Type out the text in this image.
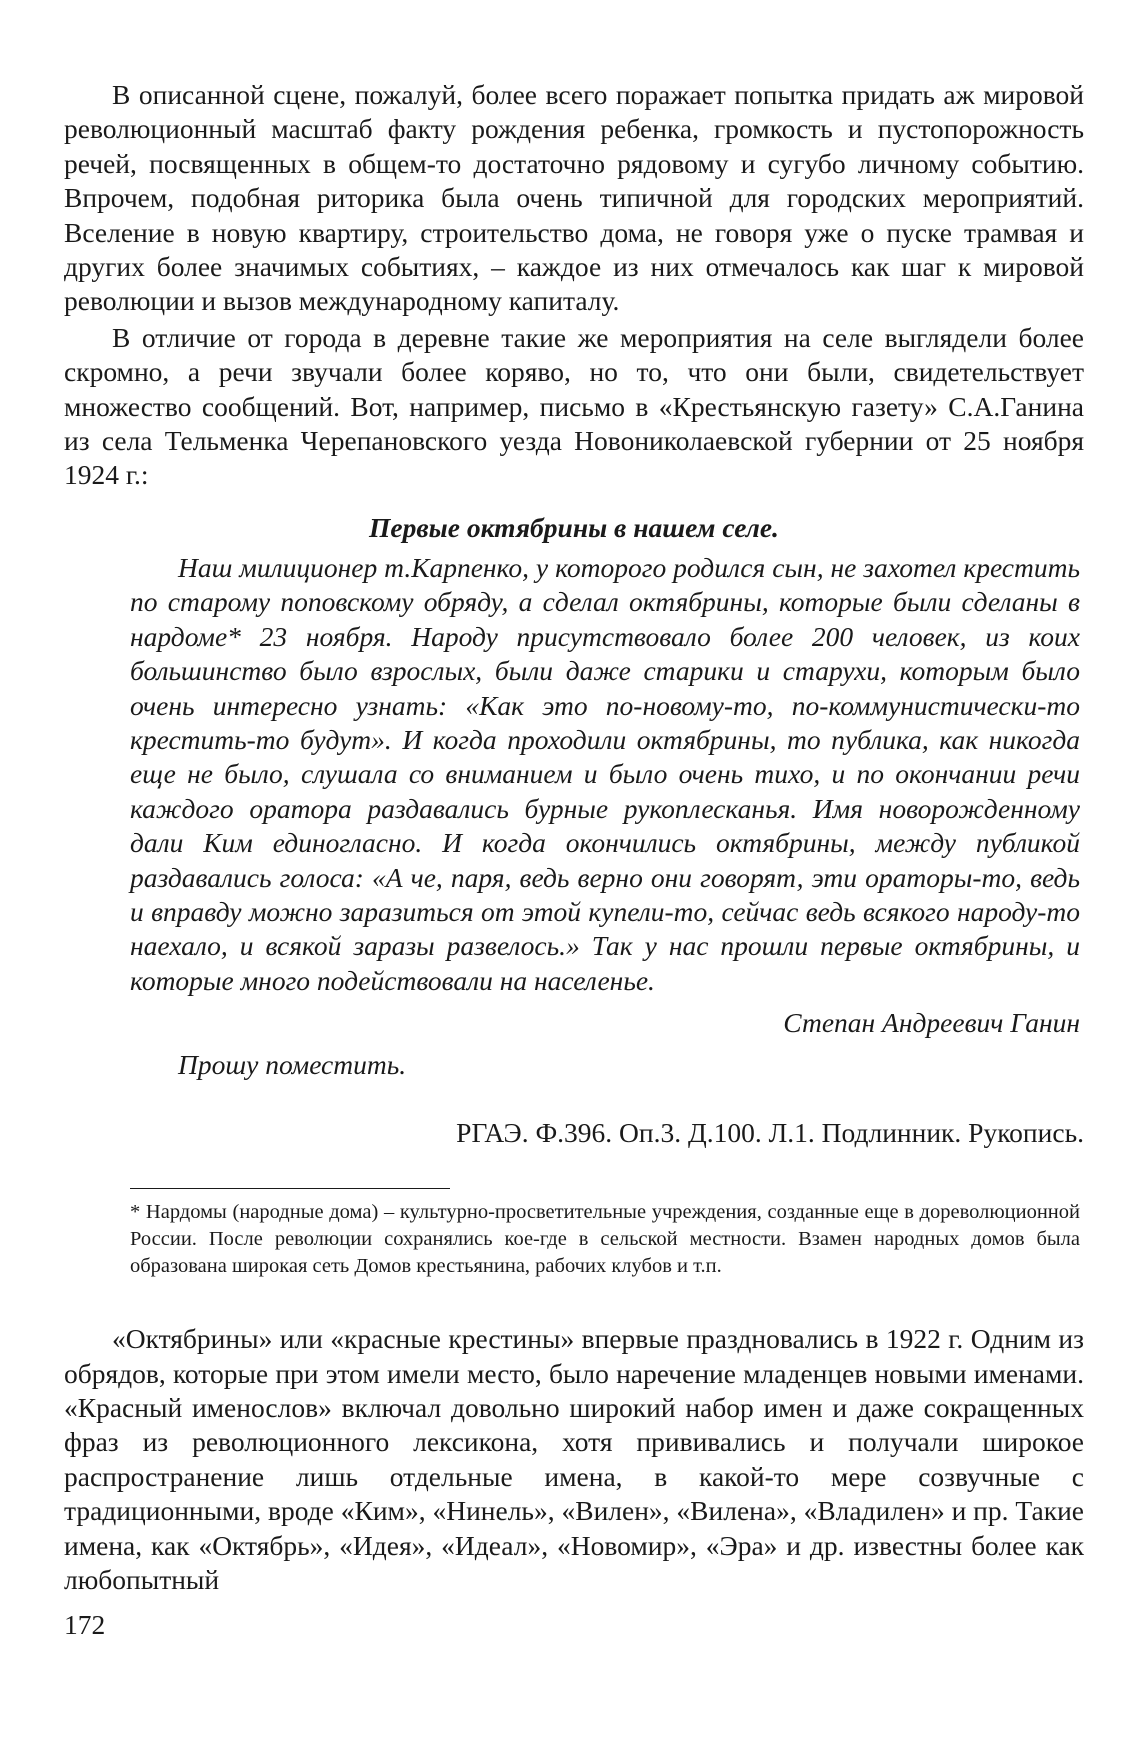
В описанной сцене, пожалуй, более всего поражает попытка придать аж мировой революционный масштаб факту рождения ребенка, громкость и пустопорожность речей, посвященных в общем-то достаточно рядовому и сугубо личному событию. Впрочем, подобная риторика была очень типичной для городских мероприятий. Вселение в новую квартиру, строительство дома, не говоря уже о пуске трамвая и других более значимых событиях, – каждое из них отмечалось как шаг к мировой революции и вызов международному капиталу.

В отличие от города в деревне такие же мероприятия на селе выглядели более скромно, а речи звучали более коряво, но то, что они были, свидетельствует множество сообщений. Вот, например, письмо в «Крестьянскую газету» С.А.Ганина из села Тельменка Черепановского уезда Новониколаевской губернии от 25 ноября 1924 г.:

Первые октябрины в нашем селе.

Наш милиционер т.Карпенко, у которого родился сын, не захотел крестить по старому поповскому обряду, а сделал октябрины, которые были сделаны в нардоме* 23 ноября. Народу присутствовало более 200 человек, из коих большинство было взрослых, были даже старики и старухи, которым было очень интересно узнать: «Как это по-новому-то, по-коммунистически-то крестить-то будут». И когда проходили октябрины, то публика, как никогда еще не было, слушала со вниманием и было очень тихо, и по окончании речи каждого оратора раздавались бурные рукоплесканья. Имя новорожденному дали Ким единогласно. И когда окончились октябрины, между публикой раздавались голоса: «А че, паря, ведь верно они говорят, эти ораторы-то, ведь и вправду можно заразиться от этой купели-то, сейчас ведь всякого народу-то наехало, и всякой заразы развелось.» Так у нас прошли первые октябрины, и которые много подействовали на населенье.

Степан Андреевич Ганин
Прошу поместить.
РГАЭ. Ф.396. Оп.3. Д.100. Л.1. Подлинник. Рукопись.
* Нардомы (народные дома) – культурно-просветительные учреждения, созданные еще в дореволюционной России. После революции сохранялись кое-где в сельской местности. Взамен народных домов была образована широкая сеть Домов крестьянина, рабочих клубов и т.п.

«Октябрины» или «красные крестины» впервые праздновались в 1922 г. Одним из обрядов, которые при этом имели место, было наречение младенцев новыми именами. «Красный именослов» включал довольно широкий набор имен и даже сокращенных фраз из революционного лексикона, хотя прививались и получали широкое распространение лишь отдельные имена, в какой-то мере созвучные с традиционными, вроде «Ким», «Нинель», «Вилен», «Вилена», «Владилен» и пр. Такие имена, как «Октябрь», «Идея», «Идеал», «Новомир», «Эра» и др. известны более как любопытный

172
